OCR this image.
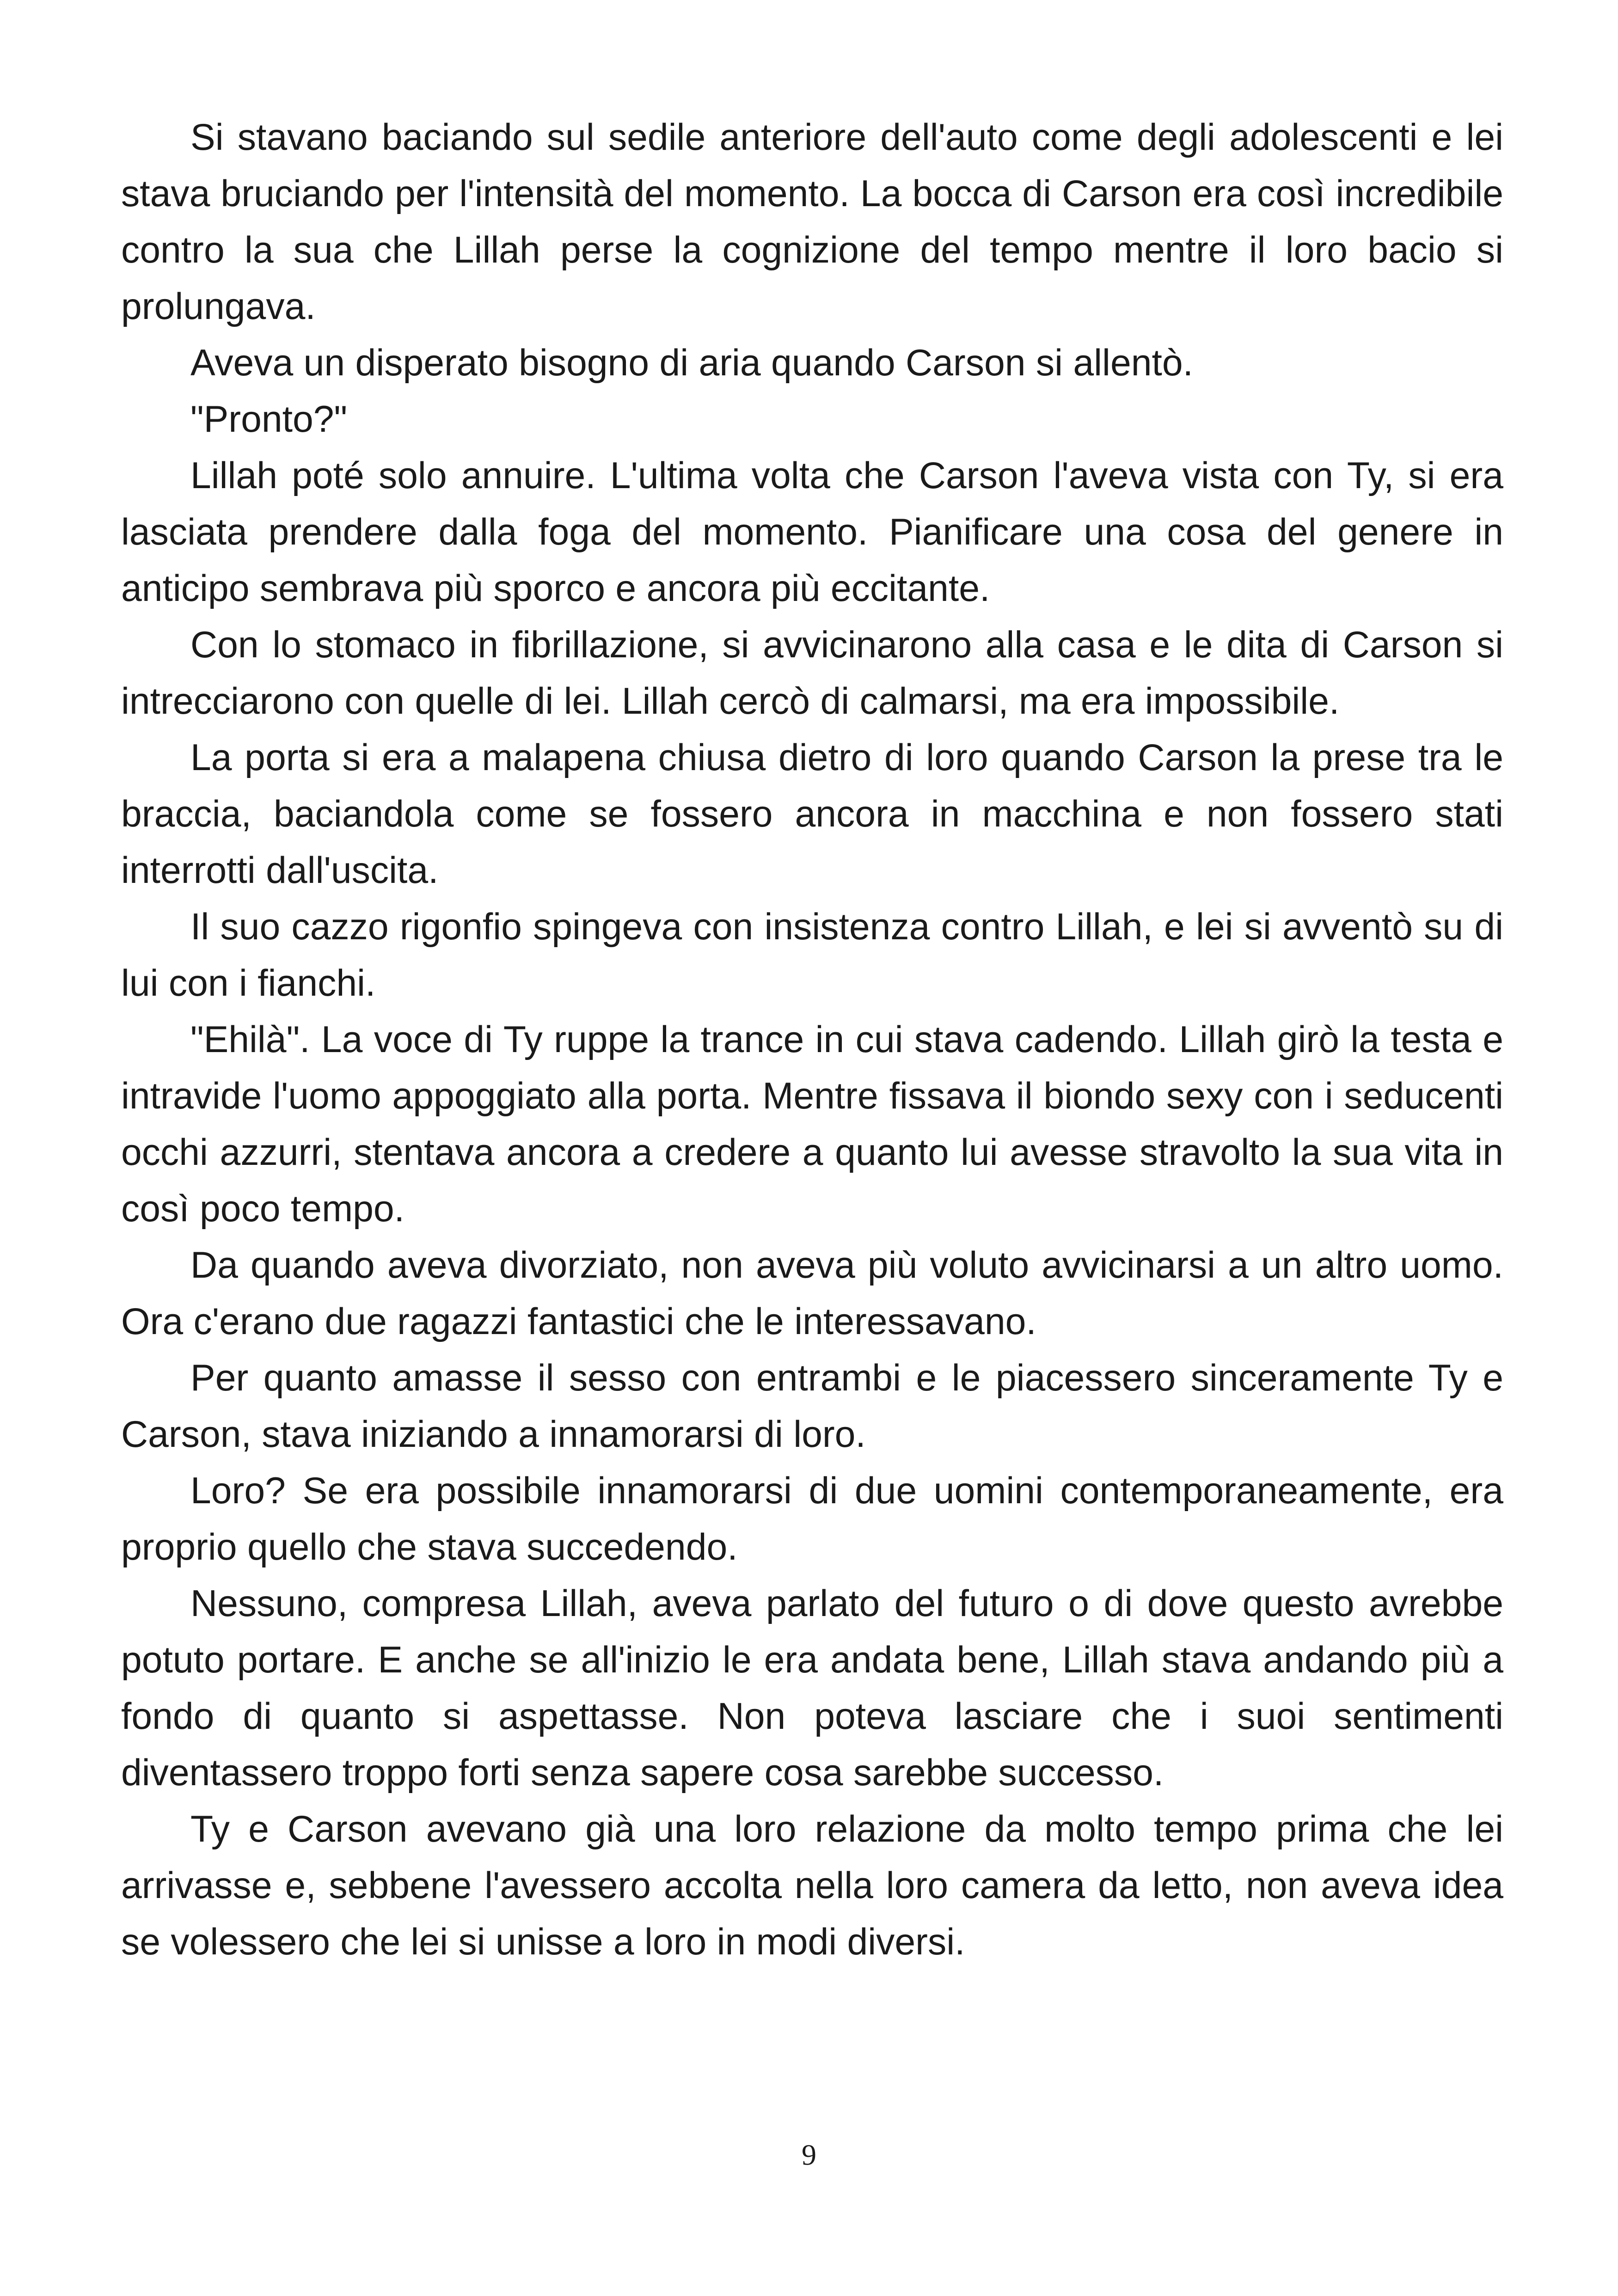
Si stavano baciando sul sedile anteriore dell'auto come degli adolescenti e lei stava bruciando per l'intensità del momento. La bocca di Carson era così incredibile contro la sua che Lillah perse la cognizione del tempo mentre il loro bacio si prolungava.

Aveva un disperato bisogno di aria quando Carson si allentò.

"Pronto?"

Lillah poté solo annuire. L'ultima volta che Carson l'aveva vista con Ty, si era lasciata prendere dalla foga del momento. Pianificare una cosa del genere in anticipo sembrava più sporco e ancora più eccitante.

Con lo stomaco in fibrillazione, si avvicinarono alla casa e le dita di Carson si intrecciarono con quelle di lei. Lillah cercò di calmarsi, ma era impossibile.

La porta si era a malapena chiusa dietro di loro quando Carson la prese tra le braccia, baciandola come se fossero ancora in macchina e non fossero stati interrotti dall'uscita.

Il suo cazzo rigonfio spingeva con insistenza contro Lillah, e lei si avventò su di lui con i fianchi.

"Ehilà". La voce di Ty ruppe la trance in cui stava cadendo. Lillah girò la testa e intravide l'uomo appoggiato alla porta. Mentre fissava il biondo sexy con i seducenti occhi azzurri, stentava ancora a credere a quanto lui avesse stravolto la sua vita in così poco tempo.

Da quando aveva divorziato, non aveva più voluto avvicinarsi a un altro uomo. Ora c'erano due ragazzi fantastici che le interessavano.

Per quanto amasse il sesso con entrambi e le piacessero sinceramente Ty e Carson, stava iniziando a innamorarsi di loro.

Loro? Se era possibile innamorarsi di due uomini contemporaneamente, era proprio quello che stava succedendo.

Nessuno, compresa Lillah, aveva parlato del futuro o di dove questo avrebbe potuto portare. E anche se all'inizio le era andata bene, Lillah stava andando più a fondo di quanto si aspettasse. Non poteva lasciare che i suoi sentimenti diventassero troppo forti senza sapere cosa sarebbe successo.

Ty e Carson avevano già una loro relazione da molto tempo prima che lei arrivasse e, sebbene l'avessero accolta nella loro camera da letto, non aveva idea se volessero che lei si unisse a loro in modi diversi.

9
